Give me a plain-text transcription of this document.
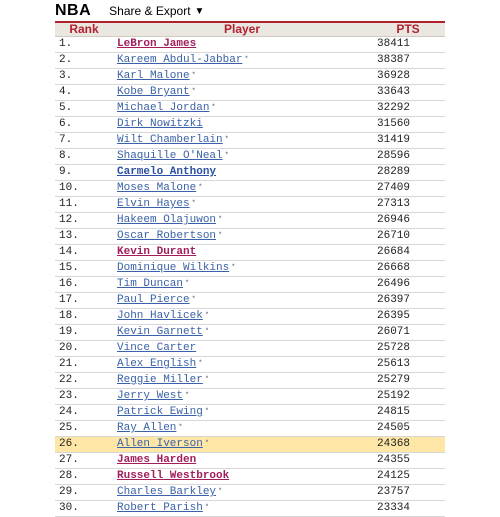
NBA Share & Export ▼
Rank	Player	PTS
1.	LeBron James	38411
2.	Kareem Abdul-Jabbar *	38387
3.	Karl Malone *	36928
4.	Kobe Bryant *	33643
5.	Michael Jordan *	32292
6.	Dirk Nowitzki	31560
7.	Wilt Chamberlain *	31419
8.	Shaquille O'Neal *	28596
9.	Carmelo Anthony	28289
10.	Moses Malone *	27409
11.	Elvin Hayes *	27313
12.	Hakeem Olajuwon *	26946
13.	Oscar Robertson *	26710
14.	Kevin Durant	26684
15.	Dominique Wilkins *	26668
16.	Tim Duncan *	26496
17.	Paul Pierce *	26397
18.	John Havlicek *	26395
19.	Kevin Garnett *	26071
20.	Vince Carter	25728
21.	Alex English *	25613
22.	Reggie Miller *	25279
23.	Jerry West *	25192
24.	Patrick Ewing *	24815
25.	Ray Allen *	24505
26.	Allen Iverson *	24368
27.	James Harden	24355
28.	Russell Westbrook	24125
29.	Charles Barkley *	23757
30.	Robert Parish *	23334
